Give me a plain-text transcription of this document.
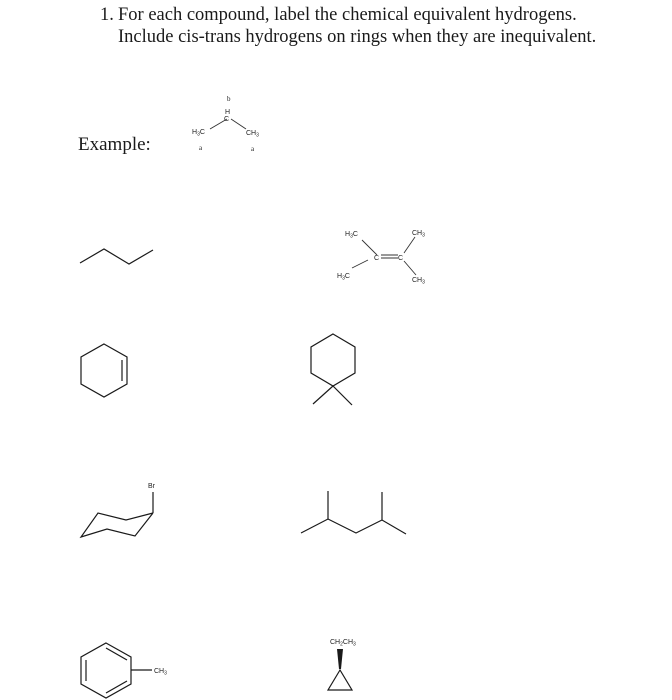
1. For each compound, label the chemical equivalent hydrogens. Include cis-trans hydrogens on rings when they are inequivalent.
Example:
b
H
C
$H_3C$	$CH_3$
a	a
$H_3C$
$H_3C$
C	C
$CH_3$
$CH_3$
Br
$CH_3$
$CH_2CH_3$
